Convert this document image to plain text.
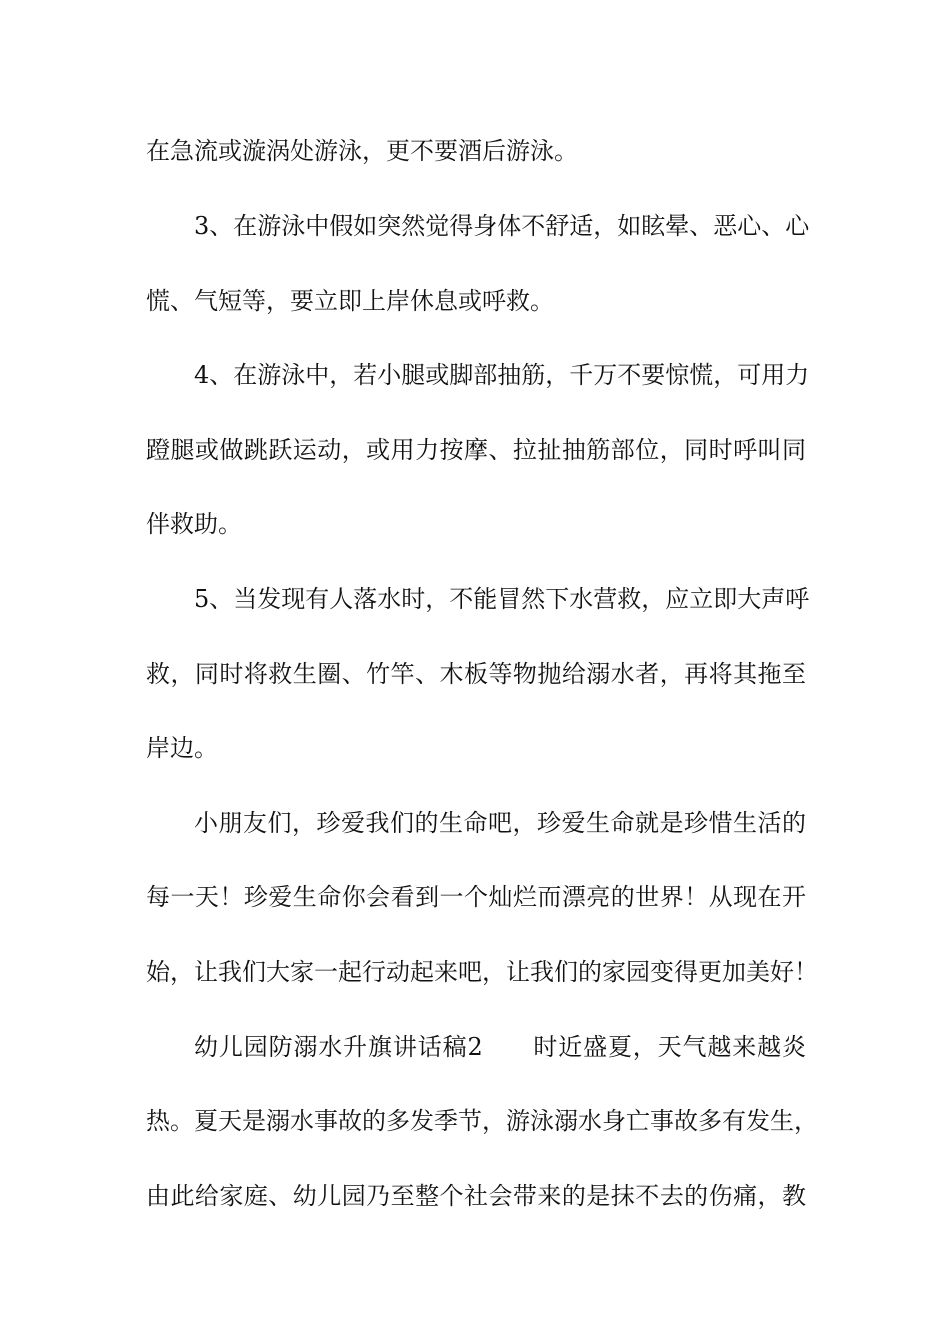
在急流或漩涡处游泳，更不要酒后游泳。
3、在游泳中假如突然觉得身体不舒适，如眩晕、恶心、心
慌、气短等，要立即上岸休息或呼救。
4、在游泳中，若小腿或脚部抽筋，千万不要惊慌，可用力
蹬腿或做跳跃运动，或用力按摩、拉扯抽筋部位，同时呼叫同
伴救助。
5、当发现有人落水时，不能冒然下水营救，应立即大声呼
救，同时将救生圈、竹竿、木板等物抛给溺水者，再将其拖至
岸边。
小朋友们，珍爱我们的生命吧，珍爱生命就是珍惜生活的
每一天！珍爱生命你会看到一个灿烂而漂亮的世界！从现在开
始，让我们大家一起行动起来吧，让我们的家园变得更加美好！
幼儿园防溺水升旗讲话稿2　　时近盛夏，天气越来越炎
热。夏天是溺水事故的多发季节，游泳溺水身亡事故多有发生，
由此给家庭、幼儿园乃至整个社会带来的是抹不去的伤痛，教
